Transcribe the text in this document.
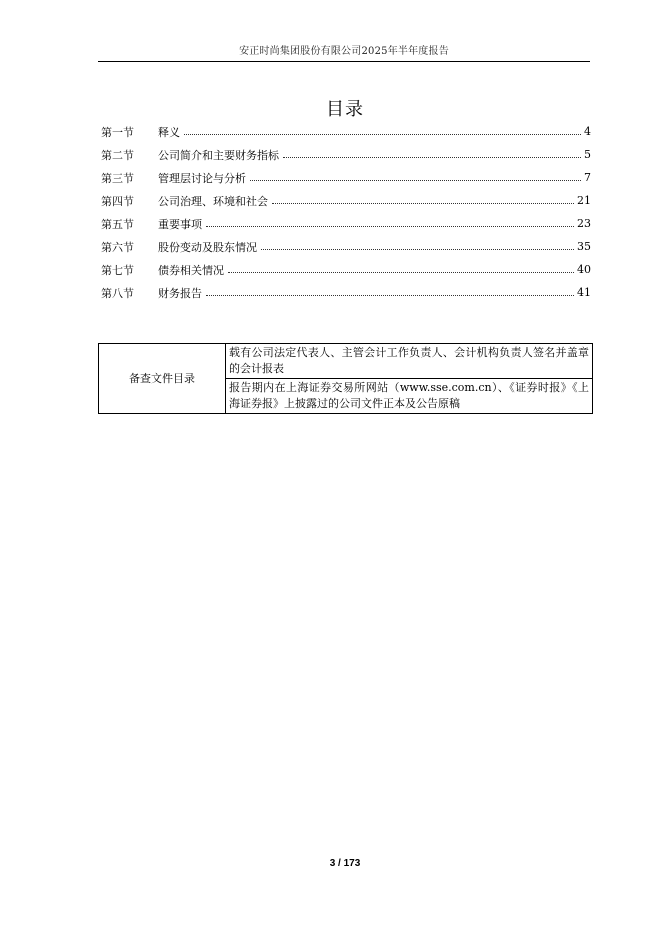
安正时尚集团股份有限公司2025年半年度报告
目录
第一节	释义	4
第二节	公司简介和主要财务指标	5
第三节	管理层讨论与分析	7
第四节	公司治理、环境和社会	21
第五节	重要事项	23
第六节	股份变动及股东情况	35
第七节	债券相关情况	40
第八节	财务报告	41
备查文件目录	载有公司法定代表人、主管会计工作负责人、会计机构负责人签名并盖章的会计报表
报告期内在上海证券交易所网站（www.sse.com.cn）、《证券时报》《上海证券报》上披露过的公司文件正本及公告原稿
3 / 173
